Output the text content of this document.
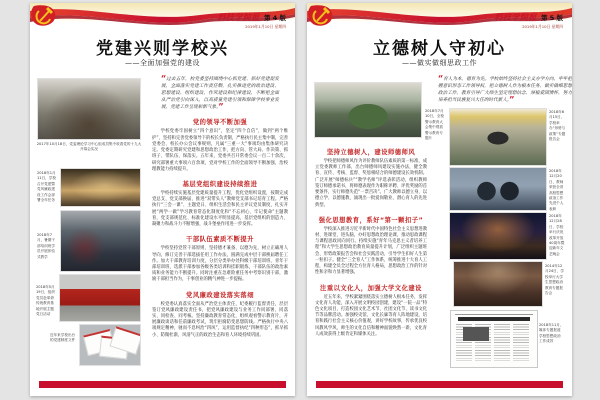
科技学院报 第 4 版
2019年1月10日 星期四
党建兴则学校兴
——全面加强党的建设
2017年10月18日，党委理论学习中心组成员集中收看党的十九大开幕会实况
2018年1月11日，学校召开党建暨党风廉政建设工作会部署全年任务
2018年7月，暑期干部培训班学员开展体验式教学
2018年5月19日，组织党员赴革命传统教育基地开展主题党日活动
近年来学校出台的党建制度文件
“过去五年，校党委坚持围绕中心抓党建、抓好党建促发展，全面落实党建工作责任制，扎实推进党的政治建设、思想建设、组织建设、作风建设和纪律建设，不断把全面从严治党引向深入，以高质量党建引领和保障学校事业发展，党建工作呈现崭新气象。”
党的领导不断加强

学校党委牢固树立“四个意识”，坚定“四个自信”，做到“两个维护”，坚持和完善党委领导下的校长负责制，严格执行民主集中制，完善党委会、校长办公会议事规则，凡属“三重一大”事项均由集体研究决定。党委定期研究党建和思想政治工作，把方向、管大局、作决策、抓班子、带队伍、保落实。五年来，党委共召开常委会议一百二十余次，研究部署重大事项六百余项，党对学校工作的全面领导不断加强，治校理教能力持续提升。

基层党组织建设持续推进

学校持续实施基层党建质量提升工程，优化党组织设置，按期完成党总支、党支部换届，推进“双带头人”教师党支部书记培育工程。严格执行“三会一课”、主题党日、组织生活会和民主评议党员制度，扎实开展“两学一做”学习教育常态化制度化和“不忘初心、牢记使命”主题教育，党支部规范化、标准化建设水平明显提高，基层党组织的创造力、凝聚力和战斗力不断增强，战斗堡垒作用进一步发挥。

干部队伍素质不断提升

学校坚持党管干部原则，坚持德才兼备、以德为先，树立正确用人导向，修订完善干部选拔任用工作办法，圆满完成中层干部换届聘任工作。加大干部教育培训力度，分层分类举办处科级干部培训班、青年干部培训班，选派干部参加各级各类培训和挂职锻炼，干部队伍的政治素质和业务能力不断提升。同时注重在急难险重任务中考察识别干部，激励干部担当作为，干事创业的精气神进一步提振。

党风廉政建设落实落细

校党委认真落实全面从严治党主体责任，纪委履行监督责任，层层签订党风廉政建设责任书，把党风廉政建设与业务工作同部署、同落实、同检查、同考核。坚持廉政教育常态化，组织观看警示教育片，开展廉政谈话和任前廉政考试，筑牢拒腐防变思想防线。严格执行中央八项规定精神，驰而不息纠治“四风”，运用监督执纪“四种形态”，抓早抓小、防微杜渐，风清气正的政治生态和育人环境持续巩固。

科技学院报 第 5 版
2019年1月10日 星期四
立德树人守初心
——做实做细思政工作
“育人为本，德育为先。学校始终坚持社会主义办学方向，牢牢把握意识形态工作领导权，把立德树人作为根本任务，做实做细思想政治工作，教育引导广大师生坚定理想信念、厚植爱国情怀，努力培养担当民族复兴大任的时代新人。”
2018年7月10日，全校警示教育大会集中观看警示教育专题片
坚持立德树人，建设师德师风

学校把师德师风作为评价教师队伍素质的第一标准，成立党委教师工作部，出台师德师风建设实施办法，健全教育、宣传、考核、监督、奖惩相结合的师德建设长效机制。广泛开展“师德标兵”“教学名师”评选表彰活动，组织教师签订师德承诺书，将师德表现作为职称评聘、评优奖励的首要条件，实行师德失范“一票否决”。广大教师以德立身、以德立学、以德施教，涌现出一批爱岗敬业、潜心育人的先进典型。

强化思想教育，系好“第一颗扣子”

学校深入推进习近平新时代中国特色社会主义思想进教材、进课堂、进头脑，办好思想政治理论课，推动思政课程与课程思政同向同行。持续实施“青年马克思主义者培养工程”和大学生思想政治教育质量提升计划，广泛组织主题班会、形势政策报告会和社会实践活动，引导学生扣好人生第一粒扣子。健全“三全育人”工作体系，统筹推进十大育人工程，构建全员全过程全方位育人格局，思想政治工作的针对性和亲和力显著增强。

注重以文化人，加强大学文化建设

近五年来，学校紧紧围绕落实立德树人根本任务，发挥文化育人功能，深入开展文明校园创建，建设“一院一品”特色文化项目，打造校园文化艺术节、社团文化节、读书文化节等品牌活动。加强校史馆、文化长廊等育人阵地建设，培育和践行社会主义核心价值观，讲好学校故事，传承优良校风教风学风，师生的文化自信和精神面貌焕然一新，文化育人成效获得上级肯定和媒体关注。

2018年6月15日，学校举办“形势与政策”专题报告会
2018年12月20日，教师荣获全省高校思想政治工作先进个人表彰
2018年12月28日，学校举行庆祝改革开放40周年暨迎新年文艺晚会
2014年12月24日，学校举行大学生思想政治教育专题报告会
2018年11月，媒体专题报道学校思想政治工作成效
